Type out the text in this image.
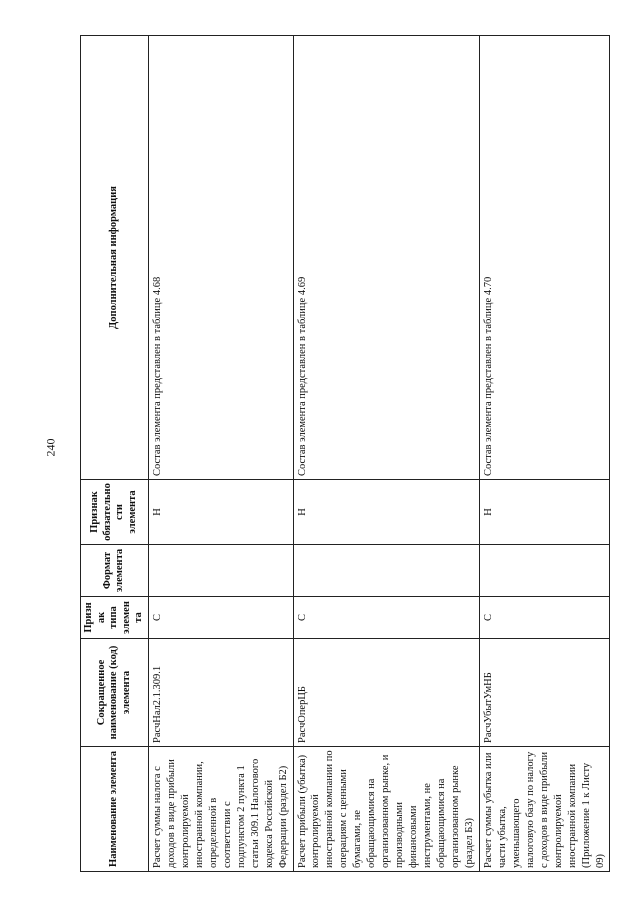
240
Наименование элемента	Сокращенное наименование (код) элемента	Признак типа элемента	Формат элемента	Признак обязательности элемента	Дополнительная информация
Расчет суммы налога с доходов в виде прибыли контролируемой иностранной компании, определенной в соответствии с подпунктом 2 пункта 1 статьи 309.1 Налогового кодекса Российской Федерации (раздел Б2)	РасчНал2.1.309.1	С		Н	Состав элемента представлен в таблице 4.68
Расчет прибыли (убытка) контролируемой иностранной компании по операциям с ценными бумагами, не обращающимися на организованном рынке, и производными финансовыми инструментами, не обращающимися на организованном рынке (раздел Б3)	РасчОперЦБ	С		Н	Состав элемента представлен в таблице 4.69
Расчет суммы убытка или части убытка, уменьшающего налоговую базу по налогу с доходов в виде прибыли контролируемой иностранной компании (Приложение 1 к Листу 09)	РасчУбытУмНБ	С		Н	Состав элемента представлен в таблице 4.70
